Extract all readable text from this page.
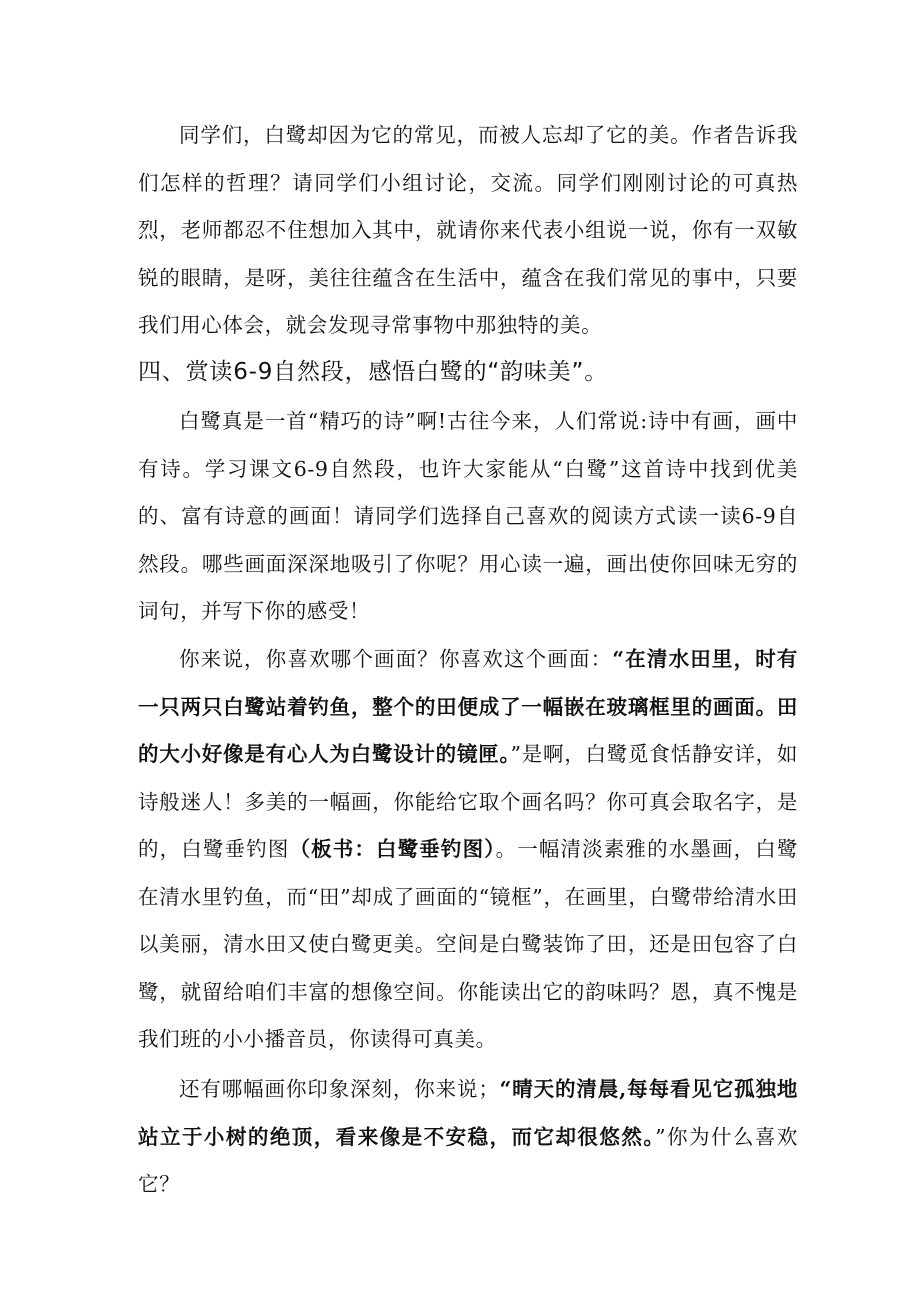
同学们，白鹭却因为它的常见，而被人忘却了它的美。作者告诉我们怎样的哲理？请同学们小组讨论，交流。同学们刚刚讨论的可真热烈，老师都忍不住想加入其中，就请你来代表小组说一说，你有一双敏锐的眼睛，是呀，美往往蕴含在生活中，蕴含在我们常见的事中，只要我们用心体会，就会发现寻常事物中那独特的美。

四、赏读6-9自然段，感悟白鹭的“韵味美”。

白鹭真是一首“精巧的诗”啊!古往今来，人们常说:诗中有画，画中有诗。学习课文6-9自然段，也许大家能从“白鹭”这首诗中找到优美的、富有诗意的画面！请同学们选择自己喜欢的阅读方式读一读6-9自然段。哪些画面深深地吸引了你呢？用心读一遍，画出使你回味无穷的词句，并写下你的感受！

你来说，你喜欢哪个画面？你喜欢这个画面：“在清水田里，时有一只两只白鹭站着钓鱼，整个的田便成了一幅嵌在玻璃框里的画面。田的大小好像是有心人为白鹭设计的镜匣。”是啊，白鹭觅食恬静安详，如诗般迷人！多美的一幅画，你能给它取个画名吗？你可真会取名字，是的，白鹭垂钓图（板书：白鹭垂钓图）。一幅清淡素雅的水墨画，白鹭在清水里钓鱼，而“田”却成了画面的“镜框”，在画里，白鹭带给清水田以美丽，清水田又使白鹭更美。空间是白鹭装饰了田，还是田包容了白鹭，就留给咱们丰富的想像空间。你能读出它的韵味吗？恩，真不愧是我们班的小小播音员，你读得可真美。

还有哪幅画你印象深刻，你来说；“晴天的清晨,每每看见它孤独地站立于小树的绝顶，看来像是不安稳，而它却很悠然。”你为什么喜欢它？
